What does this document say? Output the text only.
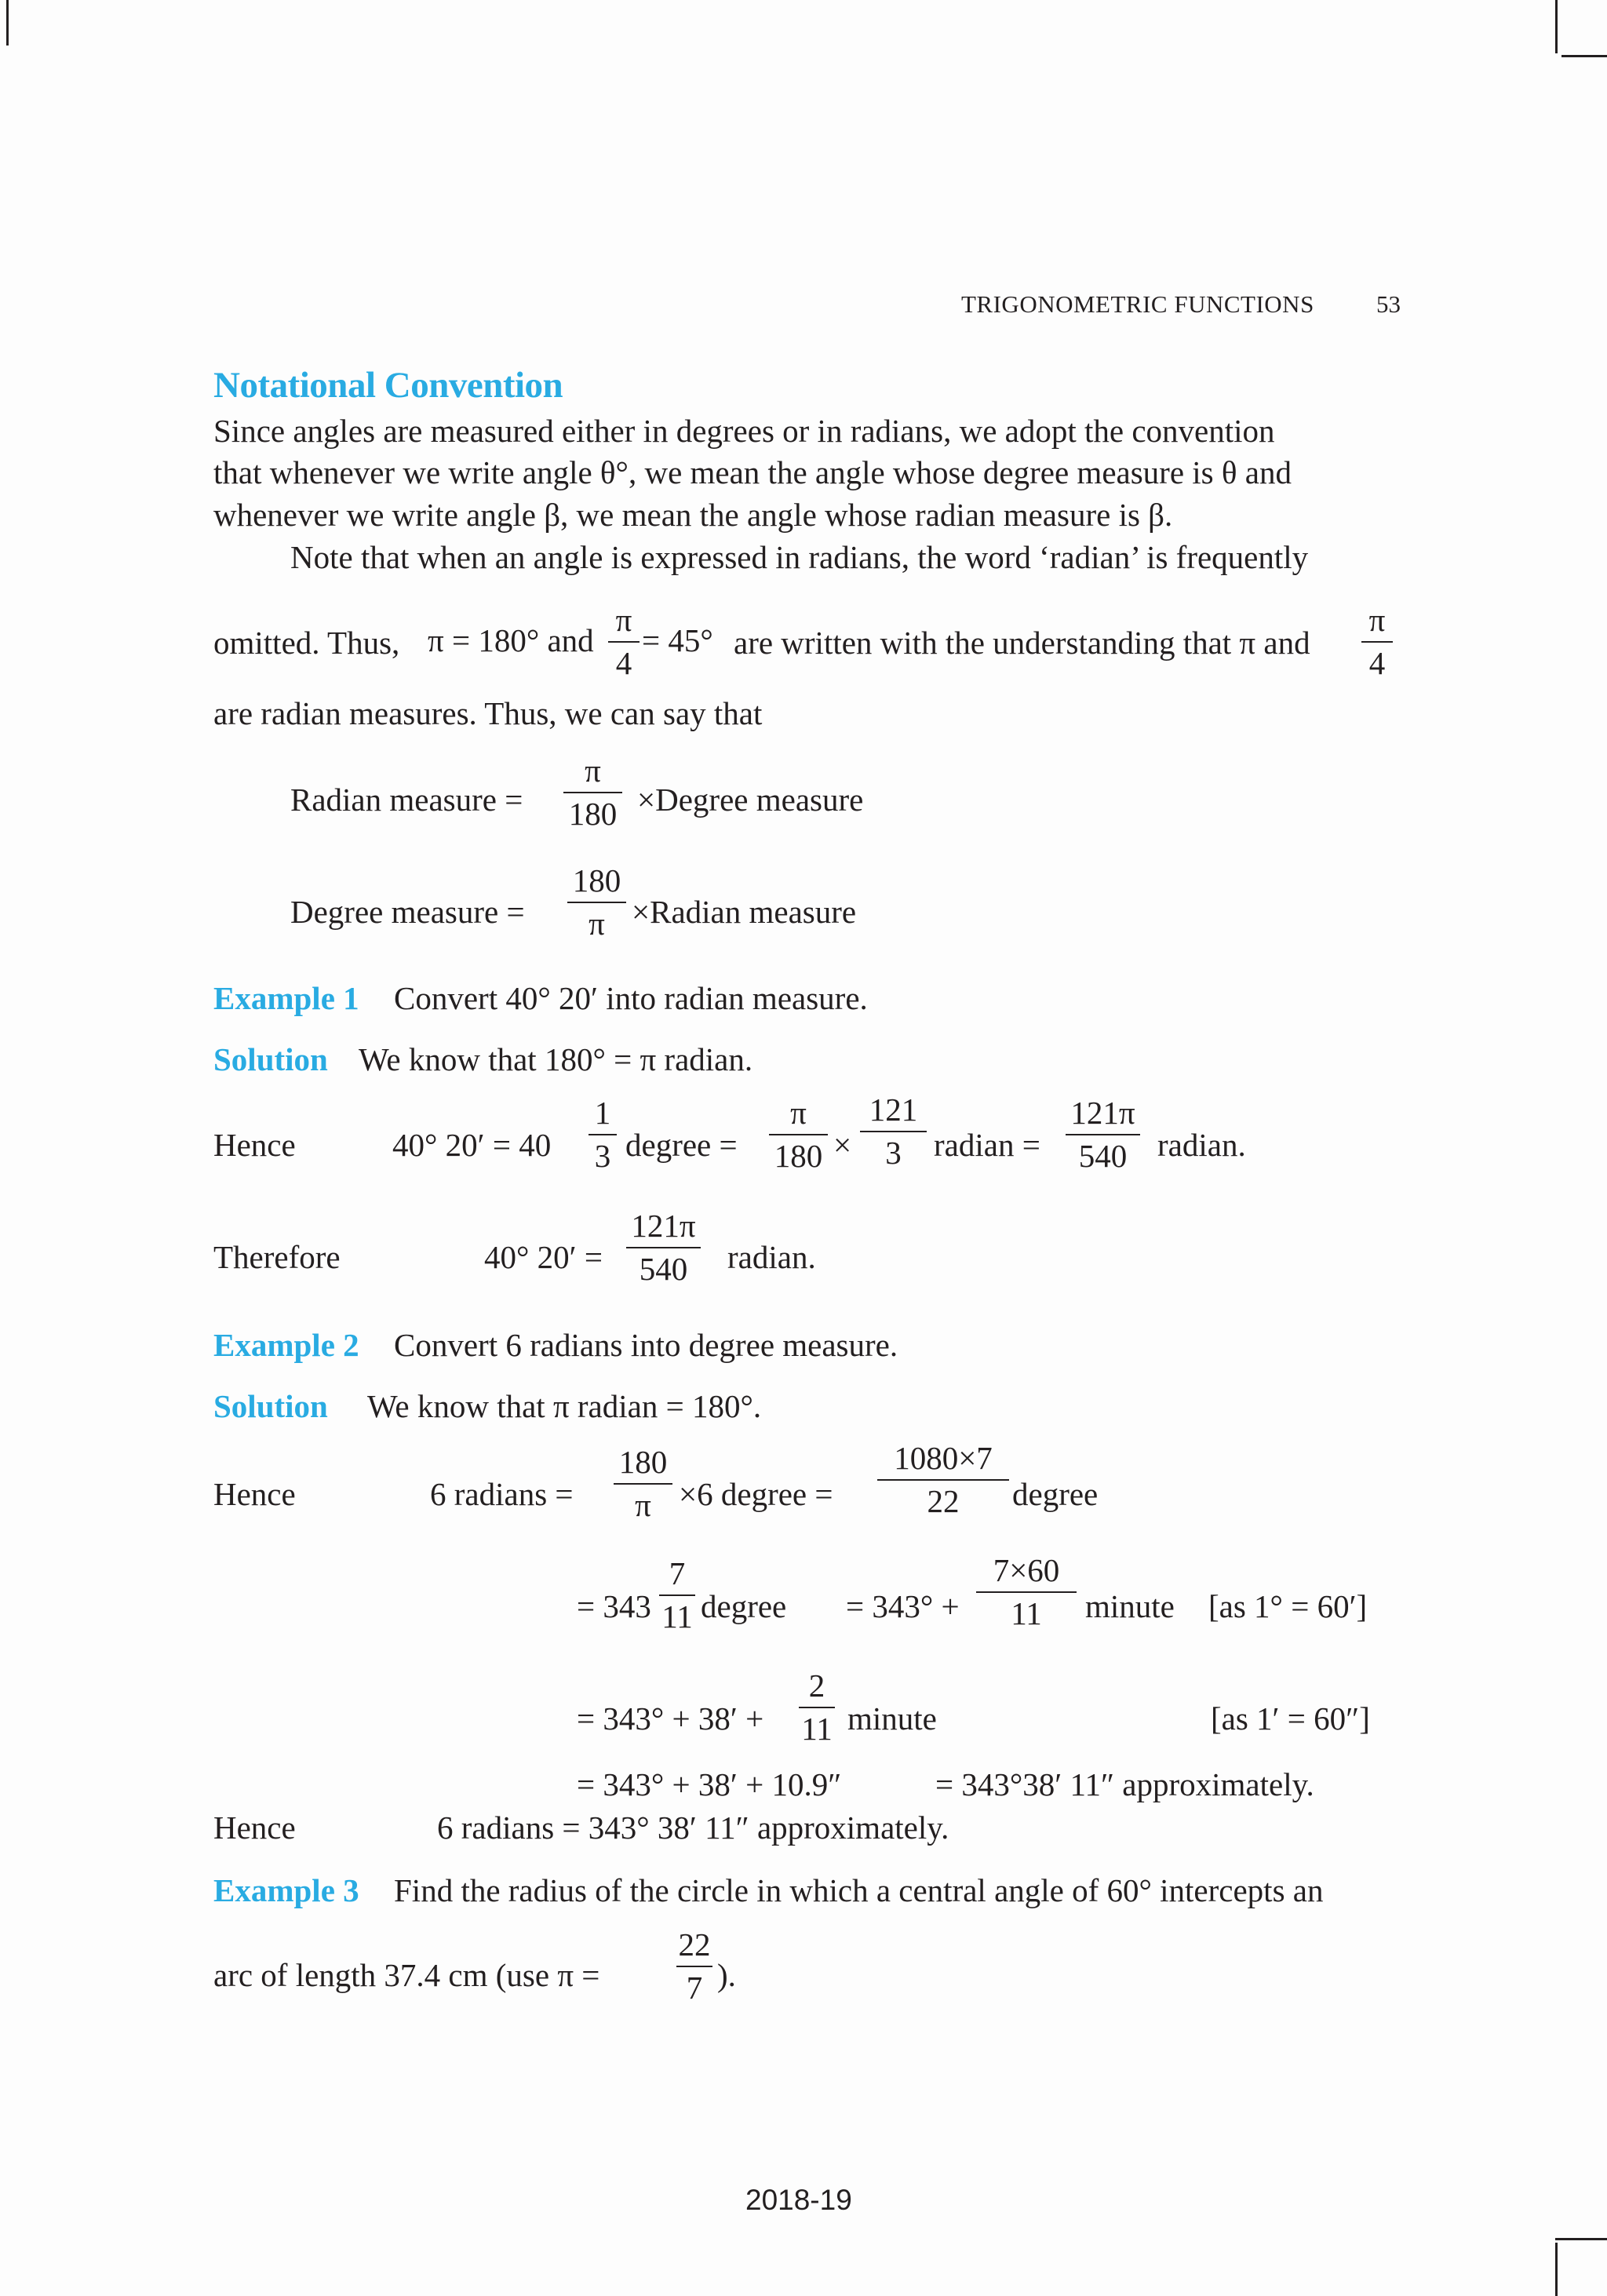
TRIGONOMETRIC FUNCTIONS	53
Notational Convention
Since angles are measured either in degrees or in radians, we adopt the convention
that whenever we write angle θ°, we mean the angle whose degree measure is θ and
whenever we write angle β, we mean the angle whose radian measure is β.
Note that when an angle is expressed in radians, the word ‘radian’ is frequently
omitted. Thus, π = 180° and
π
4
= 45° are written with the understanding that π and
π
4
are radian measures. Thus, we can say that
Radian measure =
π
180 ×Degree measure
Degree measure =
180
π ×Radian measure
Example 1 Convert 40° 20′ into radian measure.
Solution We know that 180° = π radian.
Hence	40° 20′ = 40
1
3 degree =
π
180 ×
121
3	radian =
121π
540 radian.
Therefore	40° 20′ =
121π
540	radian.
Example 2 Convert 6 radians into degree measure.
Solution We know that π radian = 180°.
Hence	6 radians =
180
π ×6 degree =
1080×7
22	degree
= 343
7
11 degree = 343° +
7×60
11	minute [as 1° = 60′]
= 343° + 38′ +
2
11 minute	[as 1′ = 60″]
= 343° + 38′ + 10.9″	= 343°38′ 11″ approximately.
Hence	6 radians = 343° 38′ 11″ approximately.
Example 3 Find the radius of the circle in which a central angle of 60° intercepts an
arc of length 37.4 cm (use π =
22
7 ).
2018-19
